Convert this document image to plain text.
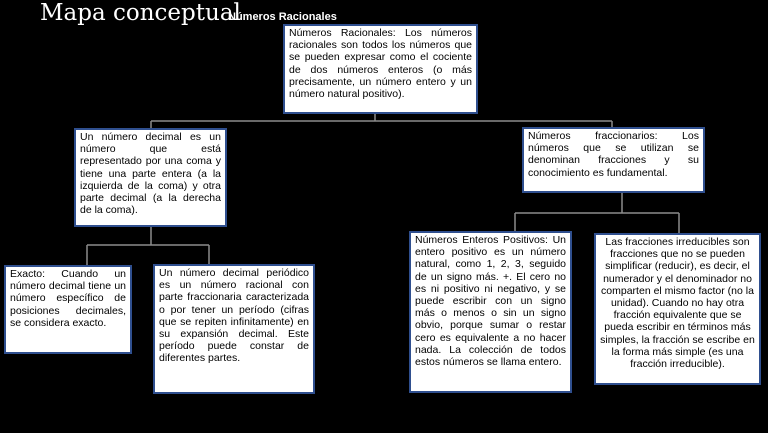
Mapa conceptual
Números Racionales
Números Racionales: Los números racionales son todos los números que se pueden expresar como el cociente de dos números enteros (o más precisamente, un número entero y un número natural positivo).
Un número decimal es un número que está representado por una coma y tiene una parte entera (a la izquierda de la coma) y otra parte decimal (a la derecha de la coma).
Números fraccionarios: Los números que se utilizan se denominan fracciones y su conocimiento es fundamental.
Exacto: Cuando un número decimal tiene un número específico de posiciones decimales, se considera exacto.
Un número decimal periódico es un número racional con parte fraccionaria caracterizada o por tener un período (cifras que se repiten infinitamente) en su expansión decimal. Este período puede constar de diferentes partes.
Números Enteros Positivos: Un entero positivo es un número natural, como 1, 2, 3, seguido de un signo más. +. El cero no es ni positivo ni negativo, y se puede escribir con un signo más o menos o sin un signo obvio, porque sumar o restar cero es equivalente a no hacer nada. La colección de todos estos números se llama entero.
Las fracciones irreducibles son fracciones que no se pueden simplificar (reducir), es decir, el numerador y el denominador no comparten el mismo factor (no la unidad). Cuando no hay otra fracción equivalente que se pueda escribir en términos más simples, la fracción se escribe en la forma más simple (es una fracción irreducible).
